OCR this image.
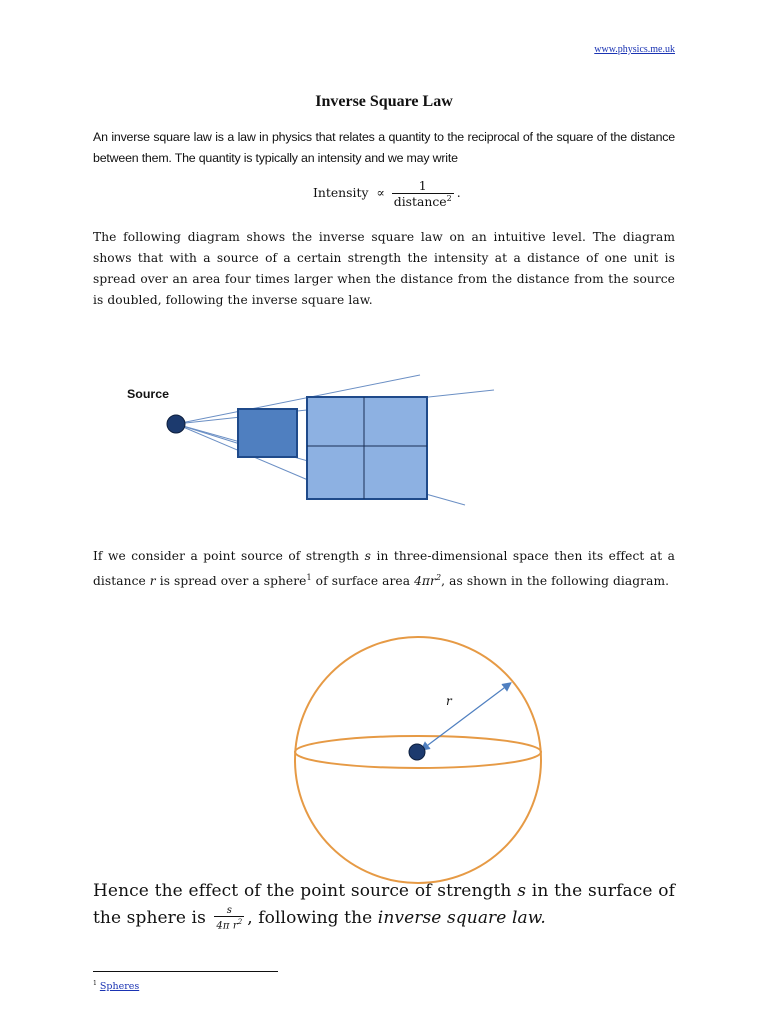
www.physics.me.uk
Inverse Square Law
An inverse square law is a law in physics that relates a quantity to the reciprocal of the square of the distance between them. The quantity is typically an intensity and we may write
Intensity ∝ $\frac{1}{distance^2}$ .
The following diagram shows the inverse square law on an intuitive level. The diagram shows that with a source of a certain strength the intensity at a distance of one unit is spread over an area four times larger when the distance from the distance from the source is doubled, following the inverse square law.
Source
r
If we consider a point source of strength s in three-dimensional space then its effect at a distance r is spread over a sphere$^1$ of surface area $4\pi r^2$, as shown in the following diagram.
Hence the effect of the point source of strength s in the surface of the sphere is $\frac{s}{4\pi r^2}$ , following the inverse square law.
$^1$ Spheres
